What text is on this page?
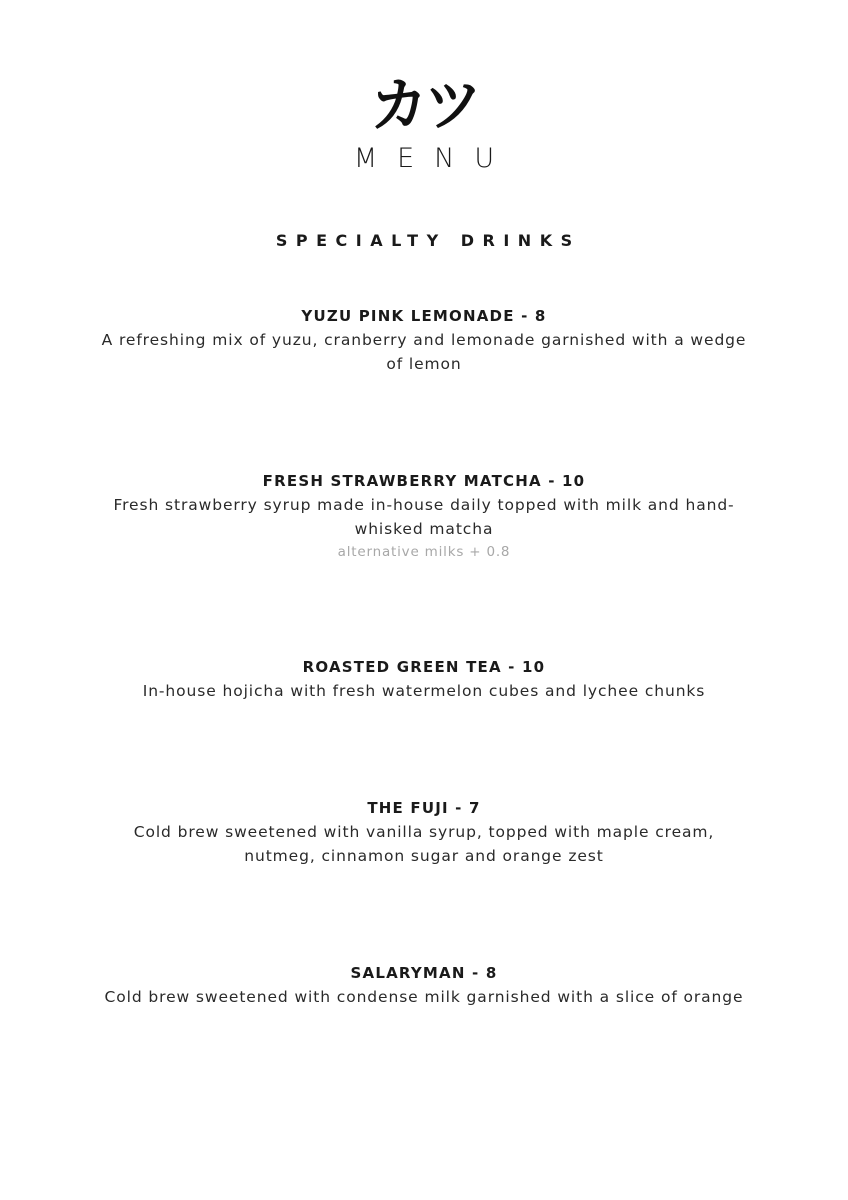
カツ
MENU
SPECIALTY DRINKS
YUZU PINK LEMONADE - 8
A refreshing mix of yuzu, cranberry and lemonade garnished with a wedge of lemon
FRESH STRAWBERRY MATCHA - 10
Fresh strawberry syrup made in-house daily topped with milk and hand-whisked matcha
alternative milks + 0.8
ROASTED GREEN TEA - 10
In-house hojicha with fresh watermelon cubes and lychee chunks
THE FUJI - 7
Cold brew sweetened with vanilla syrup, topped with maple cream, nutmeg, cinnamon sugar and orange zest
SALARYMAN - 8
Cold brew sweetened with condense milk garnished with a slice of orange
